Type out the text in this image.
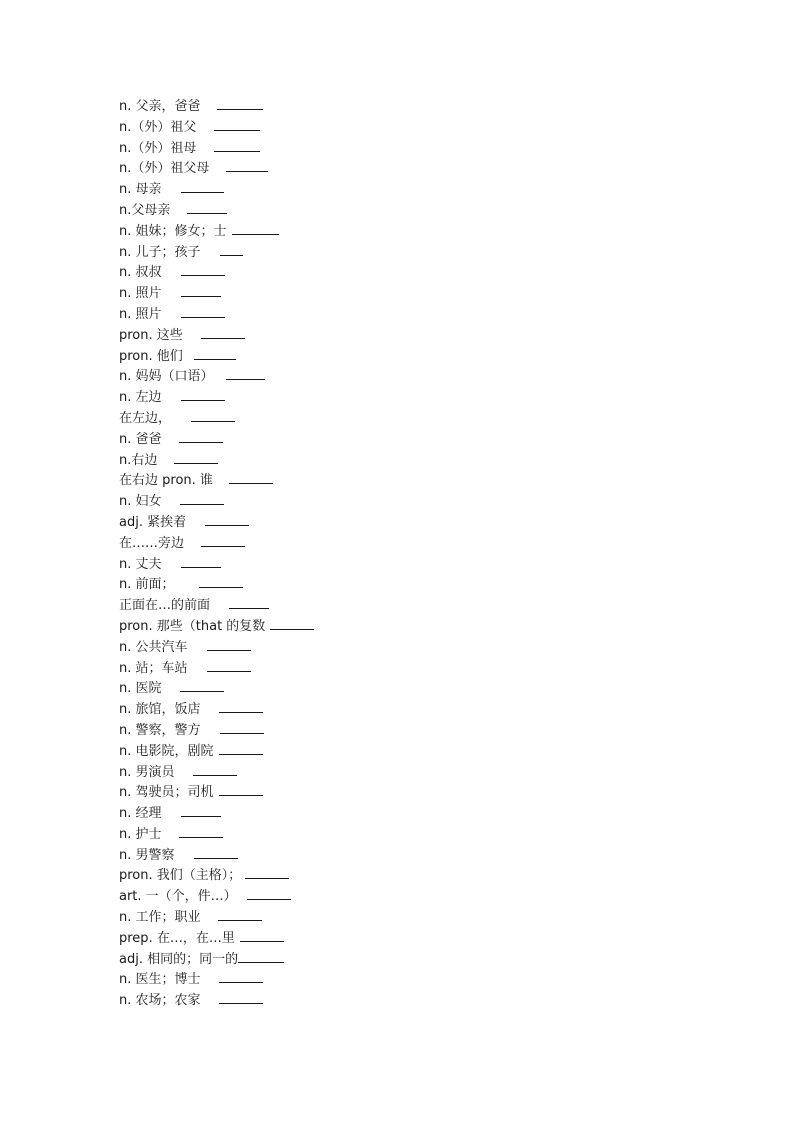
n. 父亲，爸爸
n.（外）祖父
n.（外）祖母
n.（外）祖父母
n. 母亲
n.父母亲
n. 姐妹；修女；士
n. 儿子；孩子
n. 叔叔
n. 照片
n. 照片
pron. 这些
pron. 他们
n. 妈妈（口语）
n. 左边
在左边，
n. 爸爸
n.右边
在右边 pron. 谁
n. 妇女
adj. 紧挨着
在……旁边
n. 丈夫
n. 前面；
正面在…的前面
pron. 那些（that 的复数
n. 公共汽车
n. 站；车站
n. 医院
n. 旅馆，饭店
n. 警察，警方
n. 电影院，剧院
n. 男演员
n. 驾驶员；司机
n. 经理
n. 护士
n. 男警察
pron. 我们（主格）；
art. 一（个，件…）
n. 工作；职业
prep. 在…，在…里
adj. 相同的；同一的
n. 医生；博士
n. 农场；农家
